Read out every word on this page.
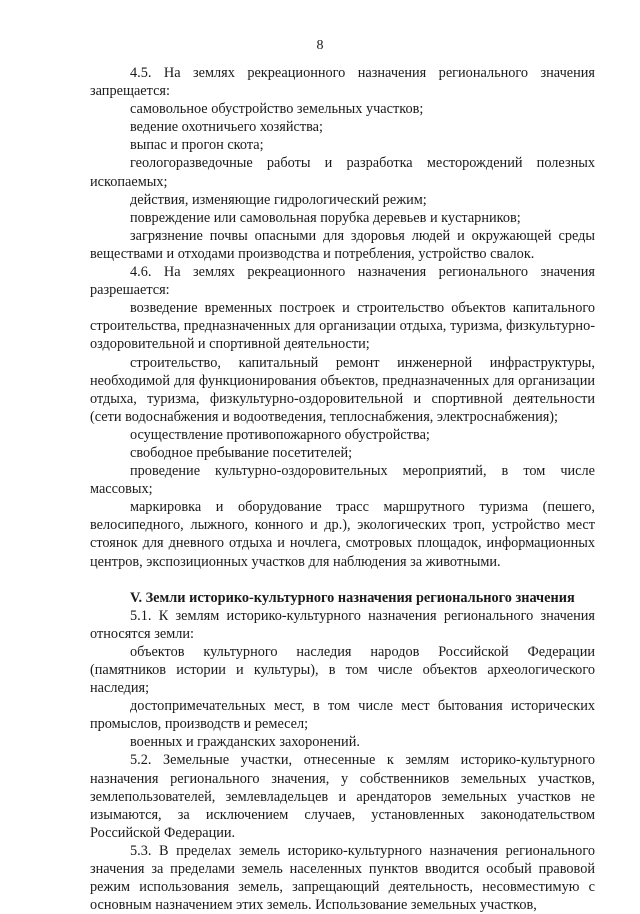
8

4.5. На землях рекреационного назначения регионального значения запрещается:

самовольное обустройство земельных участков;

ведение охотничьего хозяйства;

выпас и прогон скота;

геологоразведочные работы и разработка месторождений полезных ископаемых;

действия, изменяющие гидрологический режим;

повреждение или самовольная порубка деревьев и кустарников;

загрязнение почвы опасными для здоровья людей и окружающей среды веществами и отходами производства и потребления, устройство свалок.

4.6. На землях рекреационного назначения регионального значения разрешается:

возведение временных построек и строительство объектов капитального строительства, предназначенных для организации отдыха, туризма, физкультурно-оздоровительной и спортивной деятельности;

строительство, капитальный ремонт инженерной инфраструктуры, необходимой для функционирования объектов, предназначенных для организации отдыха, туризма, физкультурно-оздоровительной и спортивной деятельности (сети водоснабжения и водоотведения, теплоснабжения, электроснабжения);

осуществление противопожарного обустройства;

свободное пребывание посетителей;

проведение культурно-оздоровительных мероприятий, в том числе массовых;

маркировка и оборудование трасс маршрутного туризма (пешего, велосипедного, лыжного, конного и др.), экологических троп, устройство мест стоянок для дневного отдыха и ночлега, смотровых площадок, информационных центров, экспозиционных участков для наблюдения за животными.

V. Земли историко-культурного назначения регионального значения

5.1. К землям историко-культурного назначения регионального значения относятся земли:

объектов культурного наследия народов Российской Федерации (памятников истории и культуры), в том числе объектов археологического наследия;

достопримечательных мест, в том числе мест бытования исторических промыслов, производств и ремесел;

военных и гражданских захоронений.

5.2. Земельные участки, отнесенные к землям историко-культурного назначения регионального значения, у собственников земельных участков, землепользователей, землевладельцев и арендаторов земельных участков не изымаются, за исключением случаев, установленных законодательством Российской Федерации.

5.3. В пределах земель историко-культурного назначения регионального значения за пределами земель населенных пунктов вводится особый правовой режим использования земель, запрещающий деятельность, несовместимую с основным назначением этих земель. Использование земельных участков,
